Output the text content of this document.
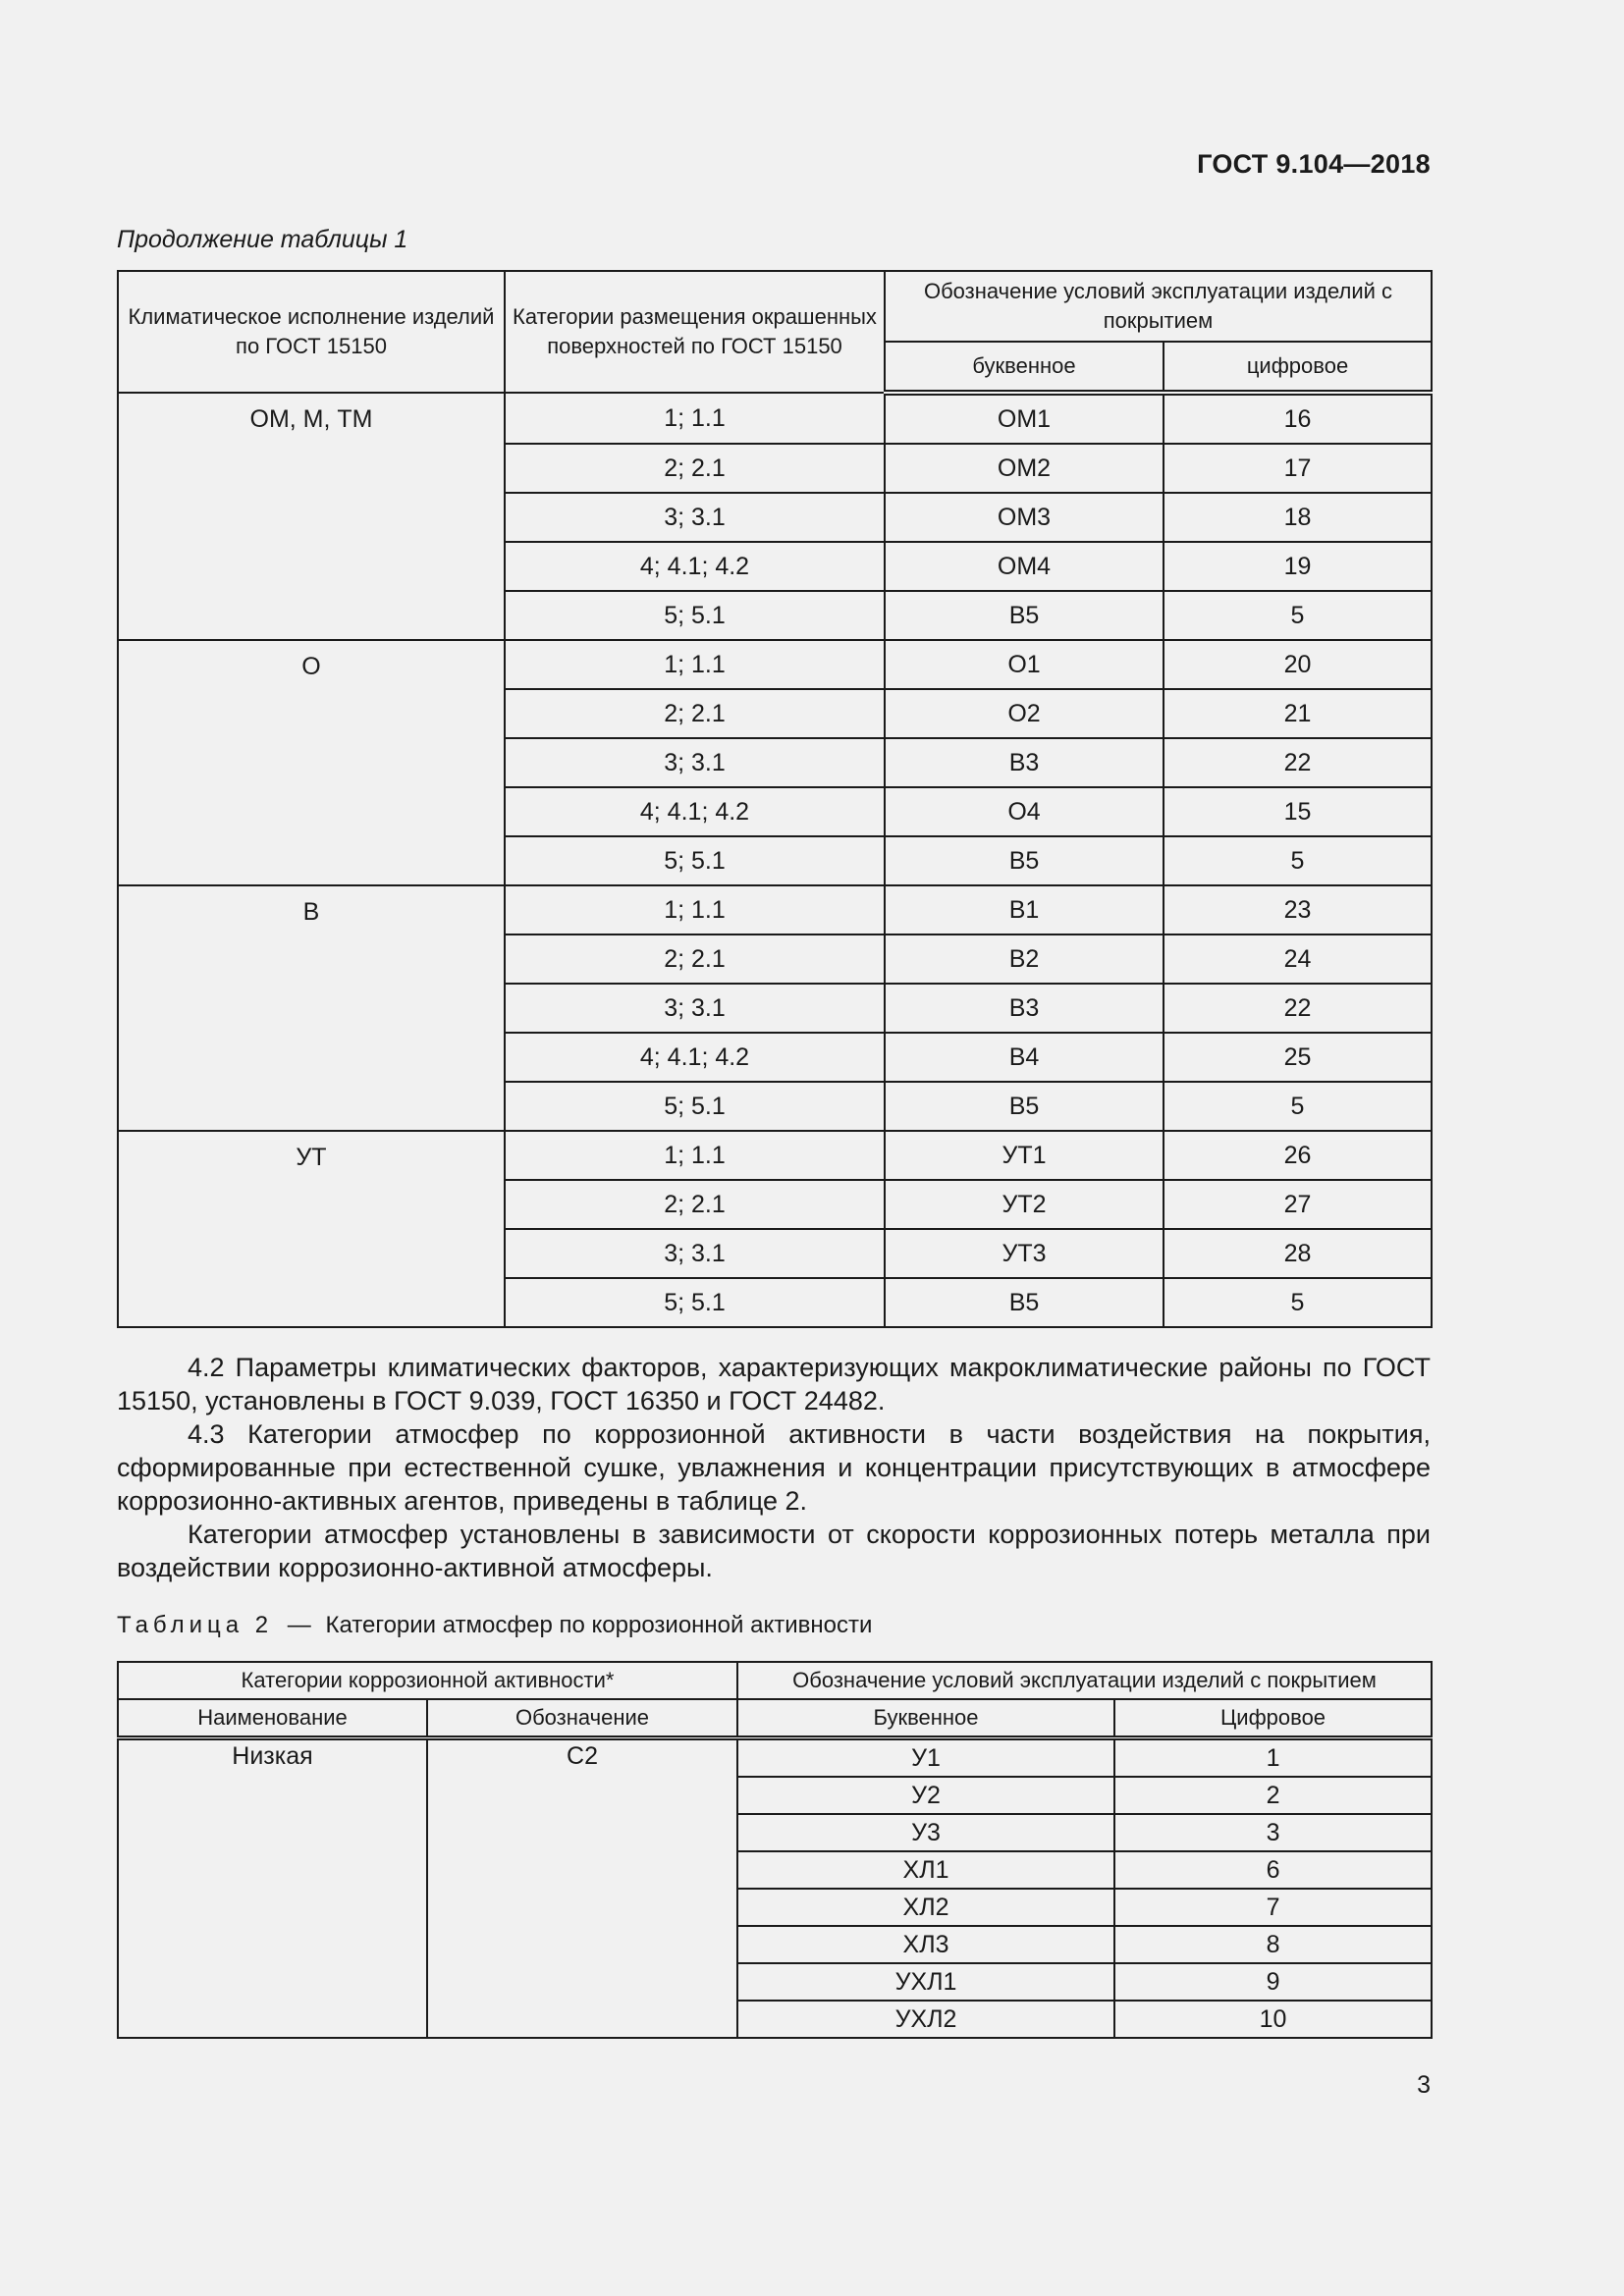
ГОСТ 9.104—2018
Продолжение таблицы 1
Климатическое исполнение изделий по ГОСТ 15150	Категории размещения окрашенных поверхностей по ГОСТ 15150	Обозначение условий эксплуатации изделий с покрытием	
		буквенное	цифровое
ОМ, М, ТМ	1; 1.1	ОМ1	16
	2; 2.1	ОМ2	17
	3; 3.1	ОМ3	18
	4; 4.1; 4.2	ОМ4	19
	5; 5.1	В5	5
О	1; 1.1	О1	20
	2; 2.1	О2	21
	3; 3.1	В3	22
	4; 4.1; 4.2	О4	15
	5; 5.1	В5	5
В	1; 1.1	В1	23
	2; 2.1	В2	24
	3; 3.1	В3	22
	4; 4.1; 4.2	В4	25
	5; 5.1	В5	5
УТ	1; 1.1	УТ1	26
	2; 2.1	УТ2	27
	3; 3.1	УТ3	28
	5; 5.1	В5	5

4.2 Параметры климатических факторов, характеризующих макроклиматические районы по ГОСТ 15150, установлены в ГОСТ 9.039, ГОСТ 16350 и ГОСТ 24482.

4.3 Категории атмосфер по коррозионной активности в части воздействия на покрытия, сформированные при естественной сушке, увлажнения и концентрации присутствующих в атмосфере коррозионно-активных агентов, приведены в таблице 2.

Категории атмосфер установлены в зависимости от скорости коррозионных потерь металла при воздействии коррозионно-активной атмосферы.

Таблица 2 — Категории атмосфер по коррозионной активности
Категории коррозионной активности*		Обозначение условий эксплуатации изделий с покрытием	
Наименование	Обозначение	Буквенное	Цифровое
Низкая	С2	У1	1
		У2	2
		У3	3
		ХЛ1	6
		ХЛ2	7
		ХЛ3	8
		УХЛ1	9
		УХЛ2	10
3
